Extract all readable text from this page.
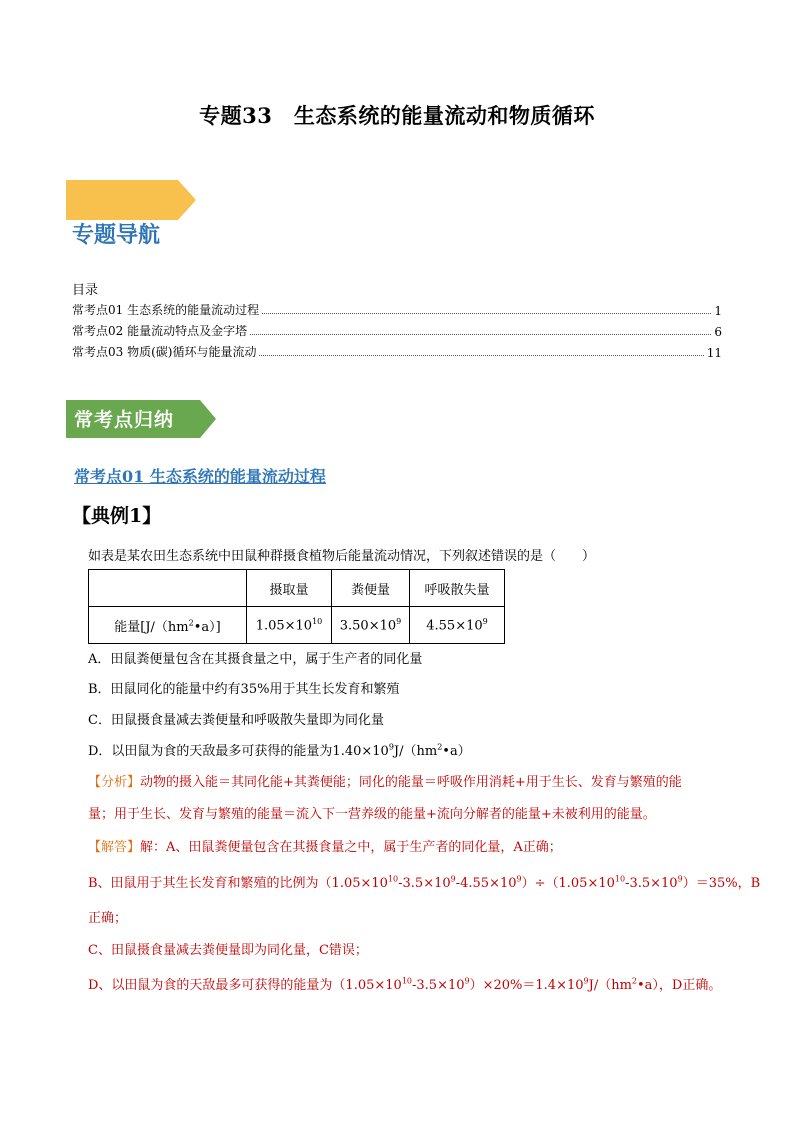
专题33　生态系统的能量流动和物质循环
专题导航
目录
常考点01 生态系统的能量流动过程	1
常考点02 能量流动特点及金字塔	6
常考点03 物质(碳)循环与能量流动	11
常考点归纳
常考点01 生态系统的能量流动过程
【典例1】
如表是某农田生态系统中田鼠种群摄食植物后能量流动情况，下列叙述错误的是（　　）
	摄取量	粪便量	呼吸散失量
能量$[J/(hm^2•a)]$	$1.05\times 10^{10}$	$3.50\times 10^9$	$4.55\times 10^9$
A．田鼠粪便量包含在其摄食量之中，属于生产者的同化量
B．田鼠同化的能量中约有35%用于其生长发育和繁殖
C．田鼠摄食量减去粪便量和呼吸散失量即为同化量
D．以田鼠为食的天敌最多可获得的能量为$1.40\times 10^9J/(hm^2•a)$
【分析】动物的摄入能＝其同化能+其粪便能；同化的能量＝呼吸作用消耗+用于生长、发育与繁殖的能
量；用于生长、发育与繁殖的能量＝流入下一营养级的能量+流向分解者的能量+未被利用的能量。
【解答】解：A、田鼠粪便量包含在其摄食量之中，属于生产者的同化量，A正确；
B、田鼠用于其生长发育和繁殖的比例为$(1.05\times 10^{10}-3.5\times 10^9-4.55\times 10^9)\div(1.05\times 10^{10}-3.5\times 10^9)=35\%$，B
正确；
C、田鼠摄食量减去粪便量即为同化量，C错误；
D、以田鼠为食的天敌最多可获得的能量为$(1.05\times 10^{10}-3.5\times 10^9)\times 20\%=1.4\times 10^9J/(hm^2•a)$，D正确。
